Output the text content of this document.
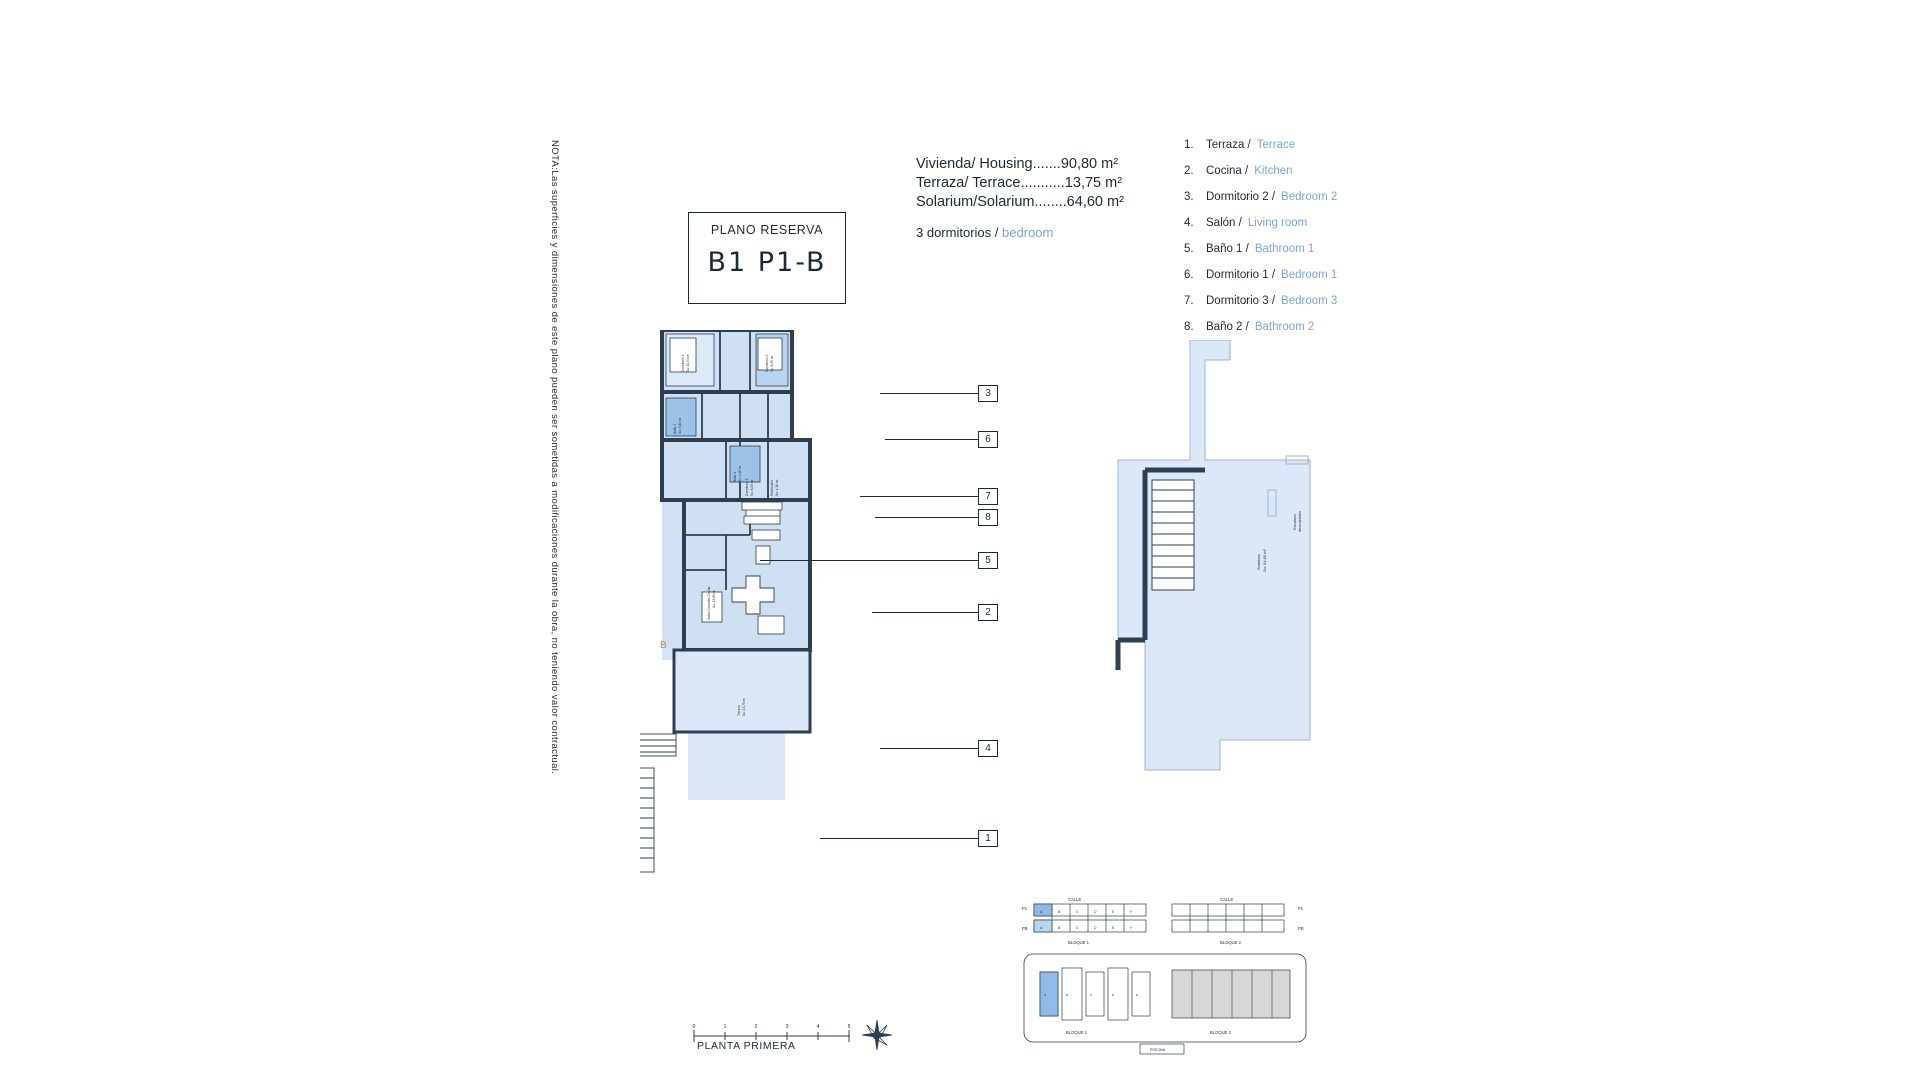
NOTA:Las superficies y dimensiones de este plano pueden ser sometidas a modificaciones durante la obra, no teniendo valor contractual.	PLANO RESERVA
B1 P1-B
Vivienda/ Housing.......90,80 m²
Terraza/ Terrace...........13,75 m²
Solarium/Solarium........64,60 m²
3 dormitorios / bedroom
1.	Terraza / Terrace
2.	Cocina / Kitchen
3.	Dormitorio 2 / Bedroom 2
4.	Salón / Living room
5.	Baño 1 / Bathroom 1
6.	Dormitorio 1 / Bedroom 1
7.	Dormitorio 3 / Bedroom 3
8.	Baño 2 / Bathroom 2
B
Dormitorio 1 Su: 10,94 m²	Dormitorio 2 Su: 8,95 m²
Baño 2 Su: 3,64 m²
Dormitorio 3 Su: 8,93 m²	Distribuidor Su: 4,16 m²
Baño 1 Su: 4,06 m²
Salón-Comedor-Cocina Su: 29,89 m²
Terraza Su: 13,75 m²
Solarium Su: 64,60 m²
Escalera descubierta
3
6
7
8
5
2
4
1
0	1	2	3	4	5
PLANTA PRIMERA
P1
PB
P1
PB
CALLE	CALLE
BLOQUE 1	BLOQUE 2
A	B	C	D	E	F
A	B	C	D	E	F
BLOQUE 1	BLOQUE 2
PISCINA
A	B	C	D	E
